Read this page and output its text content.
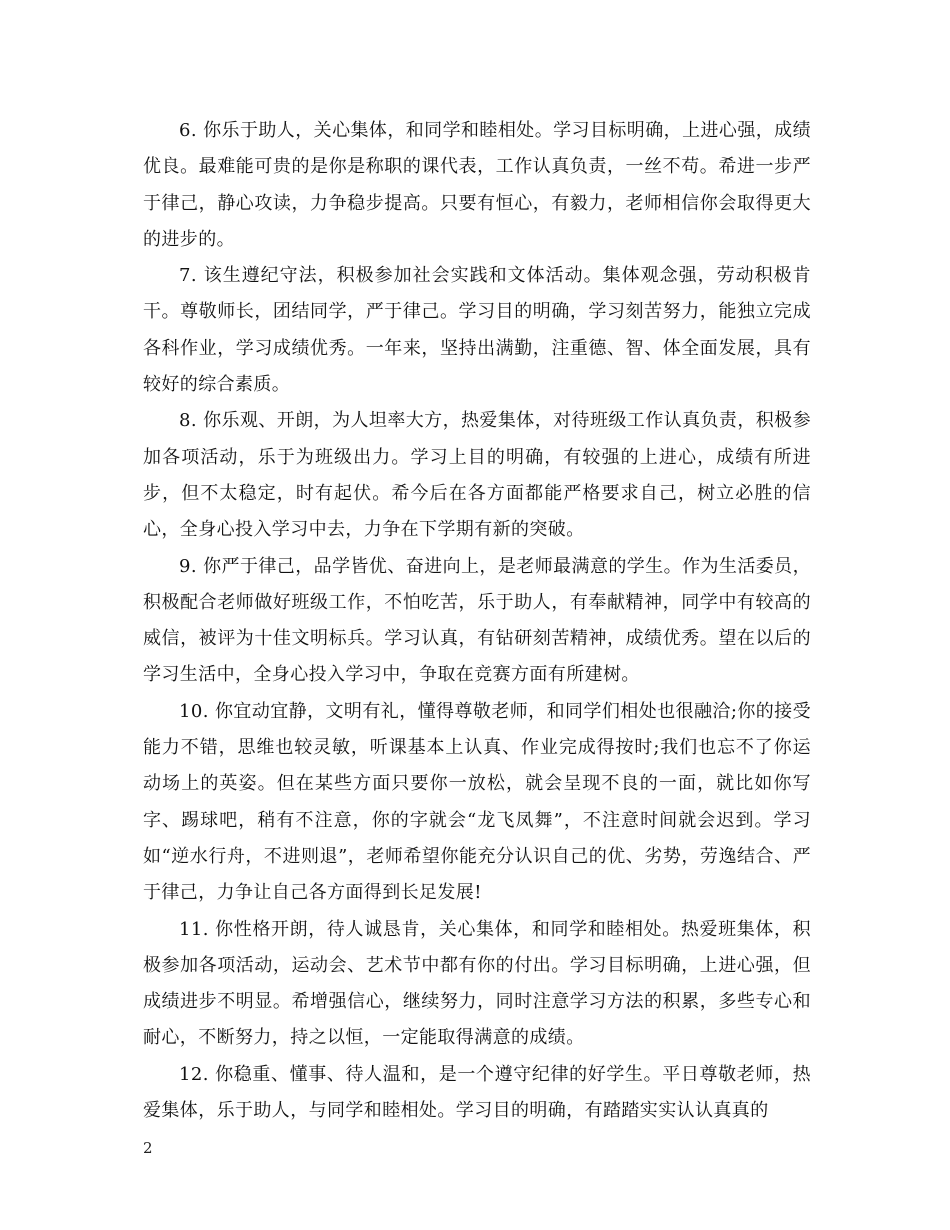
6. 你乐于助人，关心集体，和同学和睦相处。学习目标明确，上进心强，成绩优良。最难能可贵的是你是称职的课代表，工作认真负责，一丝不苟。希进一步严于律己，静心攻读，力争稳步提高。只要有恒心，有毅力，老师相信你会取得更大的进步的。

7. 该生遵纪守法，积极参加社会实践和文体活动。集体观念强，劳动积极肯干。尊敬师长，团结同学，严于律己。学习目的明确，学习刻苦努力，能独立完成各科作业，学习成绩优秀。一年来，坚持出满勤，注重德、智、体全面发展，具有较好的综合素质。

8. 你乐观、开朗，为人坦率大方，热爱集体，对待班级工作认真负责，积极参加各项活动，乐于为班级出力。学习上目的明确，有较强的上进心，成绩有所进步，但不太稳定，时有起伏。希今后在各方面都能严格要求自己，树立必胜的信心，全身心投入学习中去，力争在下学期有新的突破。

9. 你严于律己，品学皆优、奋进向上，是老师最满意的学生。作为生活委员，积极配合老师做好班级工作，不怕吃苦，乐于助人，有奉献精神，同学中有较高的威信，被评为十佳文明标兵。学习认真，有钻研刻苦精神，成绩优秀。望在以后的学习生活中，全身心投入学习中，争取在竞赛方面有所建树。

10. 你宜动宜静，文明有礼，懂得尊敬老师，和同学们相处也很融洽;你的接受能力不错，思维也较灵敏，听课基本上认真、作业完成得按时;我们也忘不了你运动场上的英姿。但在某些方面只要你一放松，就会呈现不良的一面，就比如你写字、踢球吧，稍有不注意，你的字就会“龙飞凤舞”，不注意时间就会迟到。学习如“逆水行舟，不进则退”，老师希望你能充分认识自己的优、劣势，劳逸结合、严于律己，力争让自己各方面得到长足发展!

11. 你性格开朗，待人诚恳肯，关心集体，和同学和睦相处。热爱班集体，积极参加各项活动，运动会、艺术节中都有你的付出。学习目标明确，上进心强，但成绩进步不明显。希增强信心，继续努力，同时注意学习方法的积累，多些专心和耐心，不断努力，持之以恒，一定能取得满意的成绩。

12. 你稳重、懂事、待人温和，是一个遵守纪律的好学生。平日尊敬老师，热爱集体，乐于助人，与同学和睦相处。学习目的明确，有踏踏实实认认真真的

2
